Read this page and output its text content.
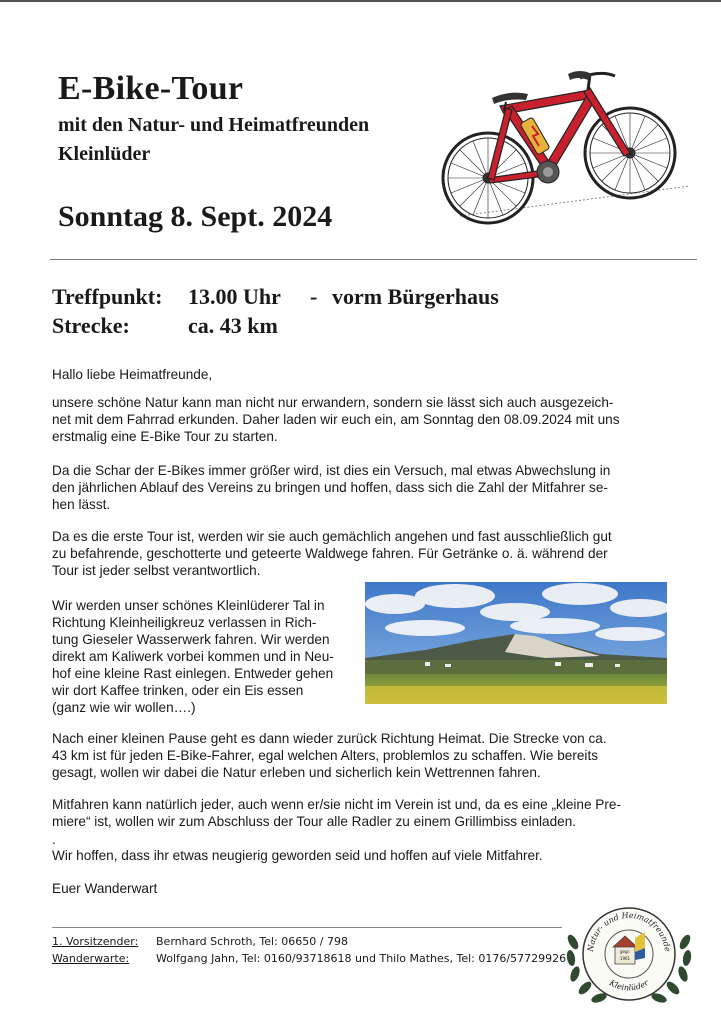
E-Bike-Tour
mit den Natur- und Heimatfreunden
Kleinlüder
Sonntag 8. Sept. 2024
Treffpunkt: 13.00 Uhr - vorm Bürgerhaus
Strecke:	ca. 43 km
Hallo liebe Heimatfreunde,
unsere schöne Natur kann man nicht nur erwandern, sondern sie lässt sich auch ausgezeich-
net mit dem Fahrrad erkunden. Daher laden wir euch ein, am Sonntag den 08.09.2024 mit uns
erstmalig eine E-Bike Tour zu starten.
Da die Schar der E-Bikes immer größer wird, ist dies ein Versuch, mal etwas Abwechslung in
den jährlichen Ablauf des Vereins zu bringen und hoffen, dass sich die Zahl der Mitfahrer se-
hen lässt.
Da es die erste Tour ist, werden wir sie auch gemächlich angehen und fast ausschließlich gut
zu befahrende, geschotterte und geteerte Waldwege fahren. Für Getränke o. ä. während der
Tour ist jeder selbst verantwortlich.
Wir werden unser schönes Kleinlüderer Tal in
Richtung Kleinheiligkreuz verlassen in Rich-
tung Gieseler Wasserwerk fahren. Wir werden
direkt am Kaliwerk vorbei kommen und in Neu-
hof eine kleine Rast einlegen. Entweder gehen
wir dort Kaffee trinken, oder ein Eis essen
(ganz wie wir wollen….)
Nach einer kleinen Pause geht es dann wieder zurück Richtung Heimat. Die Strecke von ca.
43 km ist für jeden E-Bike-Fahrer, egal welchen Alters, problemlos zu schaffen. Wie bereits
gesagt, wollen wir dabei die Natur erleben und sicherlich kein Wettrennen fahren.
Mitfahren kann natürlich jeder, auch wenn er/sie nicht im Verein ist und, da es eine „kleine Pre-
miere“ ist, wollen wir zum Abschluss der Tour alle Radler zu einem Grillimbiss einladen.
.
Wir hoffen, dass ihr etwas neugierig geworden seid und hoffen auf viele Mitfahrer.
Euer Wanderwart
1. Vorsitzender: Bernhard Schroth, Tel: 06650 / 798
Wanderwarte: Wolfgang Jahn, Tel: 0160/93718618 und Thilo Mathes, Tel: 0176/57729926
Natur- und Heimatfreunde
Kleinlüder
gegr.
1961
